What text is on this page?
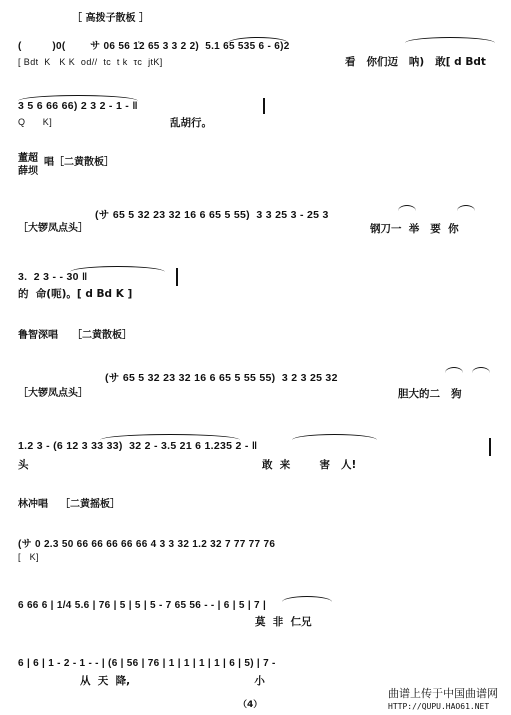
［ 高拨子散板 ］
(          )0(        サ 06 56 1̇2 65 3 3 2 2)  5.1 65 535 6 - 6)2
[ Bdt  K   K K  od//  tc  t k  τc  jtK]	看   你们迈   呐)   敢[ d Bdt
3 5 6 66 66) 2 3 2 - 1 - ‖
Q      K]	乱胡行。
董超
薛坝
唱［二黄散板］
(サ 65 5 32 23 32 16 6 65 5 55)  3 3 25 3 - 25 3
［大锣凤点头］	钢刀一  举   要  你
3.  2 3 - - 30 ‖
的  命(呃)。[ d Bd K ]
鲁智深唱 ［二黄散板］
(サ 65 5 32 23 32 16 6 65 5 55 55)  3 2 3 25 32
［大锣凤点头］	胆大的二   狗
1.2 3 - (6 12 3 33 33)  32 2 - 3.5 21 6 1.235 2 - ‖
头	敢  来        害   人!
林冲唱 ［二黄摇板］
(サ 0 2.3 50 66 66 66 66 66 4 3 3 32 1.2 32 7 77 77 76
[   K]
6 66 6 | 1/4 5.6 | 76 | 5 | 5 | 5 - 7 65 56 - - | 6 | 5 | 7 |
莫  非  仁兄
6 | 6 | 1 - 2 - 1 - - | (6 | 56 | 76 | 1 | 1 | 1 | 1 | 6 | 5) | 7 -
从  天  降,                                  小
（4）
曲谱上传于中国曲谱网
HTTP://QUPU.HAO61.NET
